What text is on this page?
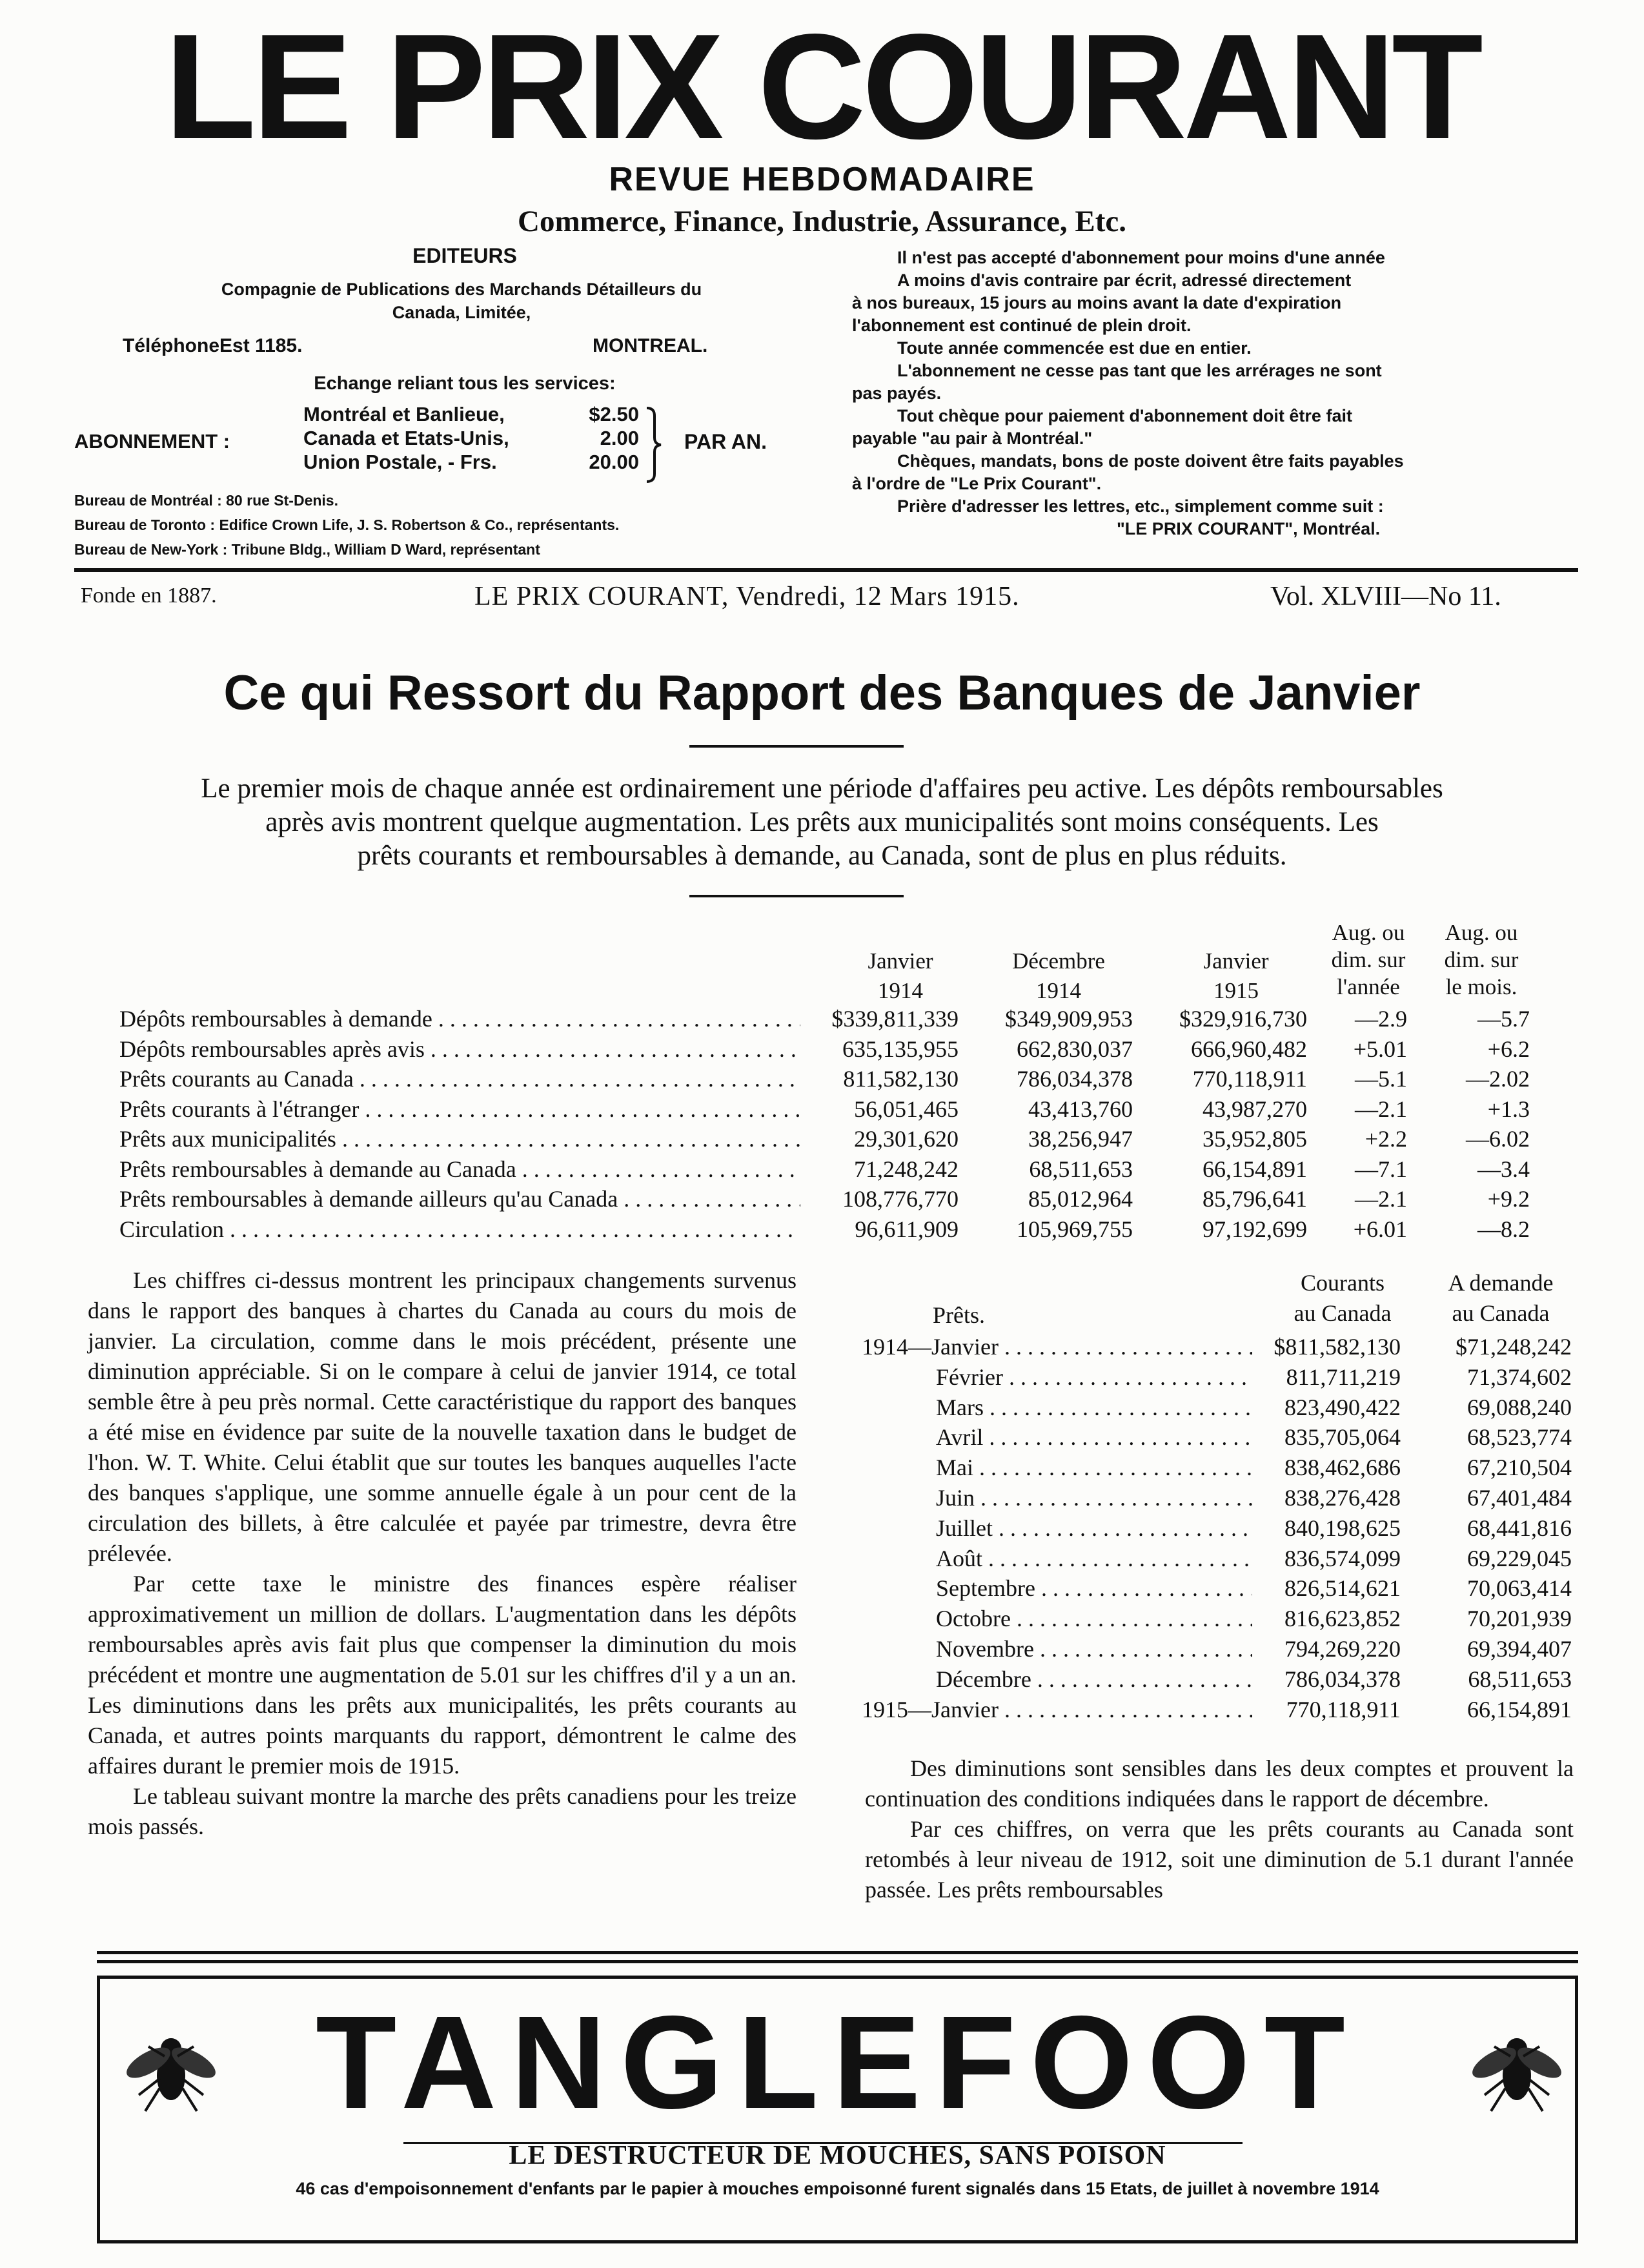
LE PRIX COURANT
REVUE HEBDOMADAIRE
Commerce, Finance, Industrie, Assurance, Etc.
EDITEURS
Compagnie de Publications des Marchands Détailleurs du
Canada, Limitée,
TéléphoneEst 1185.	MONTREAL.
Echange reliant tous les services:
ABONNEMENT :
Montréal et Banlieue,	$2.50
Canada et Etats-Unis,	2.00
Union Postale, - Frs.	20.00
PAR AN.
Bureau de Montréal : 80 rue St-Denis.
Bureau de Toronto : Edifice Crown Life, J. S. Robertson & Co., représentants.
Bureau de New-York : Tribune Bldg., William D Ward, représentant
Il n'est pas accepté d'abonnement pour moins d'une année
A moins d'avis contraire par écrit, adressé directement
à nos bureaux, 15 jours au moins avant la date d'expiration
l'abonnement est continué de plein droit.
Toute année commencée est due en entier.
L'abonnement ne cesse pas tant que les arrérages ne sont
pas payés.
Tout chèque pour paiement d'abonnement doit être fait
payable "au pair à Montréal."
Chèques, mandats, bons de poste doivent être faits payables
à l'ordre de "Le Prix Courant".
Prière d'adresser les lettres, etc., simplement comme suit :
"LE PRIX COURANT", Montréal.
Fonde en 1887.	LE PRIX COURANT, Vendredi, 12 Mars 1915.	Vol. XLVIII—No 11.
Ce qui Ressort du Rapport des Banques de Janvier
Le premier mois de chaque année est ordinairement une période d'affaires peu active. Les dépôts remboursables
après avis montrent quelque augmentation. Les prêts aux municipalités sont moins conséquents. Les
prêts courants et remboursables à demande, au Canada, sont de plus en plus réduits.
Janvier
1914
Décembre
1914
Janvier
1915
Aug. ou
dim. sur
l'année
Aug. ou
dim. sur
le mois.
Dépôts remboursables à demande . . .	$339,811,339	$349,909,953	$329,916,730	—2.9	—5.7
Dépôts remboursables après avis . . .	635,135,955	662,830,037	666,960,482	+5.01	+6.2
Prêts courants au Canada . . .	811,582,130	786,034,378	770,118,911	—5.1	—2.02
Prêts courants à l'étranger . . .	56,051,465	43,413,760	43,987,270	—2.1	+1.3
Prêts aux municipalités . . .	29,301,620	38,256,947	35,952,805	+2.2	—6.02
Prêts remboursables à demande au Canada . . .	71,248,242	68,511,653	66,154,891	—7.1	—3.4
Prêts remboursables à demande ailleurs qu'au Canada . . .	108,776,770	85,012,964	85,796,641	—2.1	+9.2
Circulation . . .	96,611,909	105,969,755	97,192,699	+6.01	—8.2

Les chiffres ci-dessus montrent les principaux changements survenus dans le rapport des banques à chartes du Canada au cours du mois de janvier. La circulation, comme dans le mois précédent, présente une diminution appréciable. Si on le compare à celui de janvier 1914, ce total semble être à peu près normal. Cette caractéristique du rapport des banques a été mise en évidence par suite de la nouvelle taxation dans le budget de l'hon. W. T. White. Celui établit que sur toutes les banques auquelles l'acte des banques s'applique, une somme annuelle égale à un pour cent de la circulation des billets, à être calculée et payée par trimestre, devra être prélevée.

Par cette taxe le ministre des finances espère réaliser approximativement un million de dollars. L'augmentation dans les dépôts remboursables après avis fait plus que compenser la diminution du mois précédent et montre une augmentation de 5.01 sur les chiffres d'il y a un an. Les diminutions dans les prêts aux municipalités, les prêts courants au Canada, et autres points marquants du rapport, démontrent le calme des affaires durant le premier mois de 1915.

Le tableau suivant montre la marche des prêts canadiens pour les treize mois passés.

Prêts.
Courants
au Canada
A demande
au Canada
1914—Janvier . . .	$811,582,130	$71,248,242
Février . . .	811,711,219	71,374,602
Mars . . .	823,490,422	69,088,240
Avril . . .	835,705,064	68,523,774
Mai . . .	838,462,686	67,210,504
Juin . . .	838,276,428	67,401,484
Juillet . . .	840,198,625	68,441,816
Août . . .	836,574,099	69,229,045
Septembre . . .	826,514,621	70,063,414
Octobre . . .	816,623,852	70,201,939
Novembre . . .	794,269,220	69,394,407
Décembre . . .	786,034,378	68,511,653
1915—Janvier . . .	770,118,911	66,154,891

Des diminutions sont sensibles dans les deux comptes et prouvent la continuation des conditions indiquées dans le rapport de décembre.

Par ces chiffres, on verra que les prêts courants au Canada sont retombés à leur niveau de 1912, soit une diminution de 5.1 durant l'année passée. Les prêts remboursables

TANGLEFOOT
LE DESTRUCTEUR DE MOUCHES, SANS POISON
46 cas d'empoisonnement d'enfants par le papier à mouches empoisonné furent signalés dans 15 Etats, de juillet à novembre 1914
